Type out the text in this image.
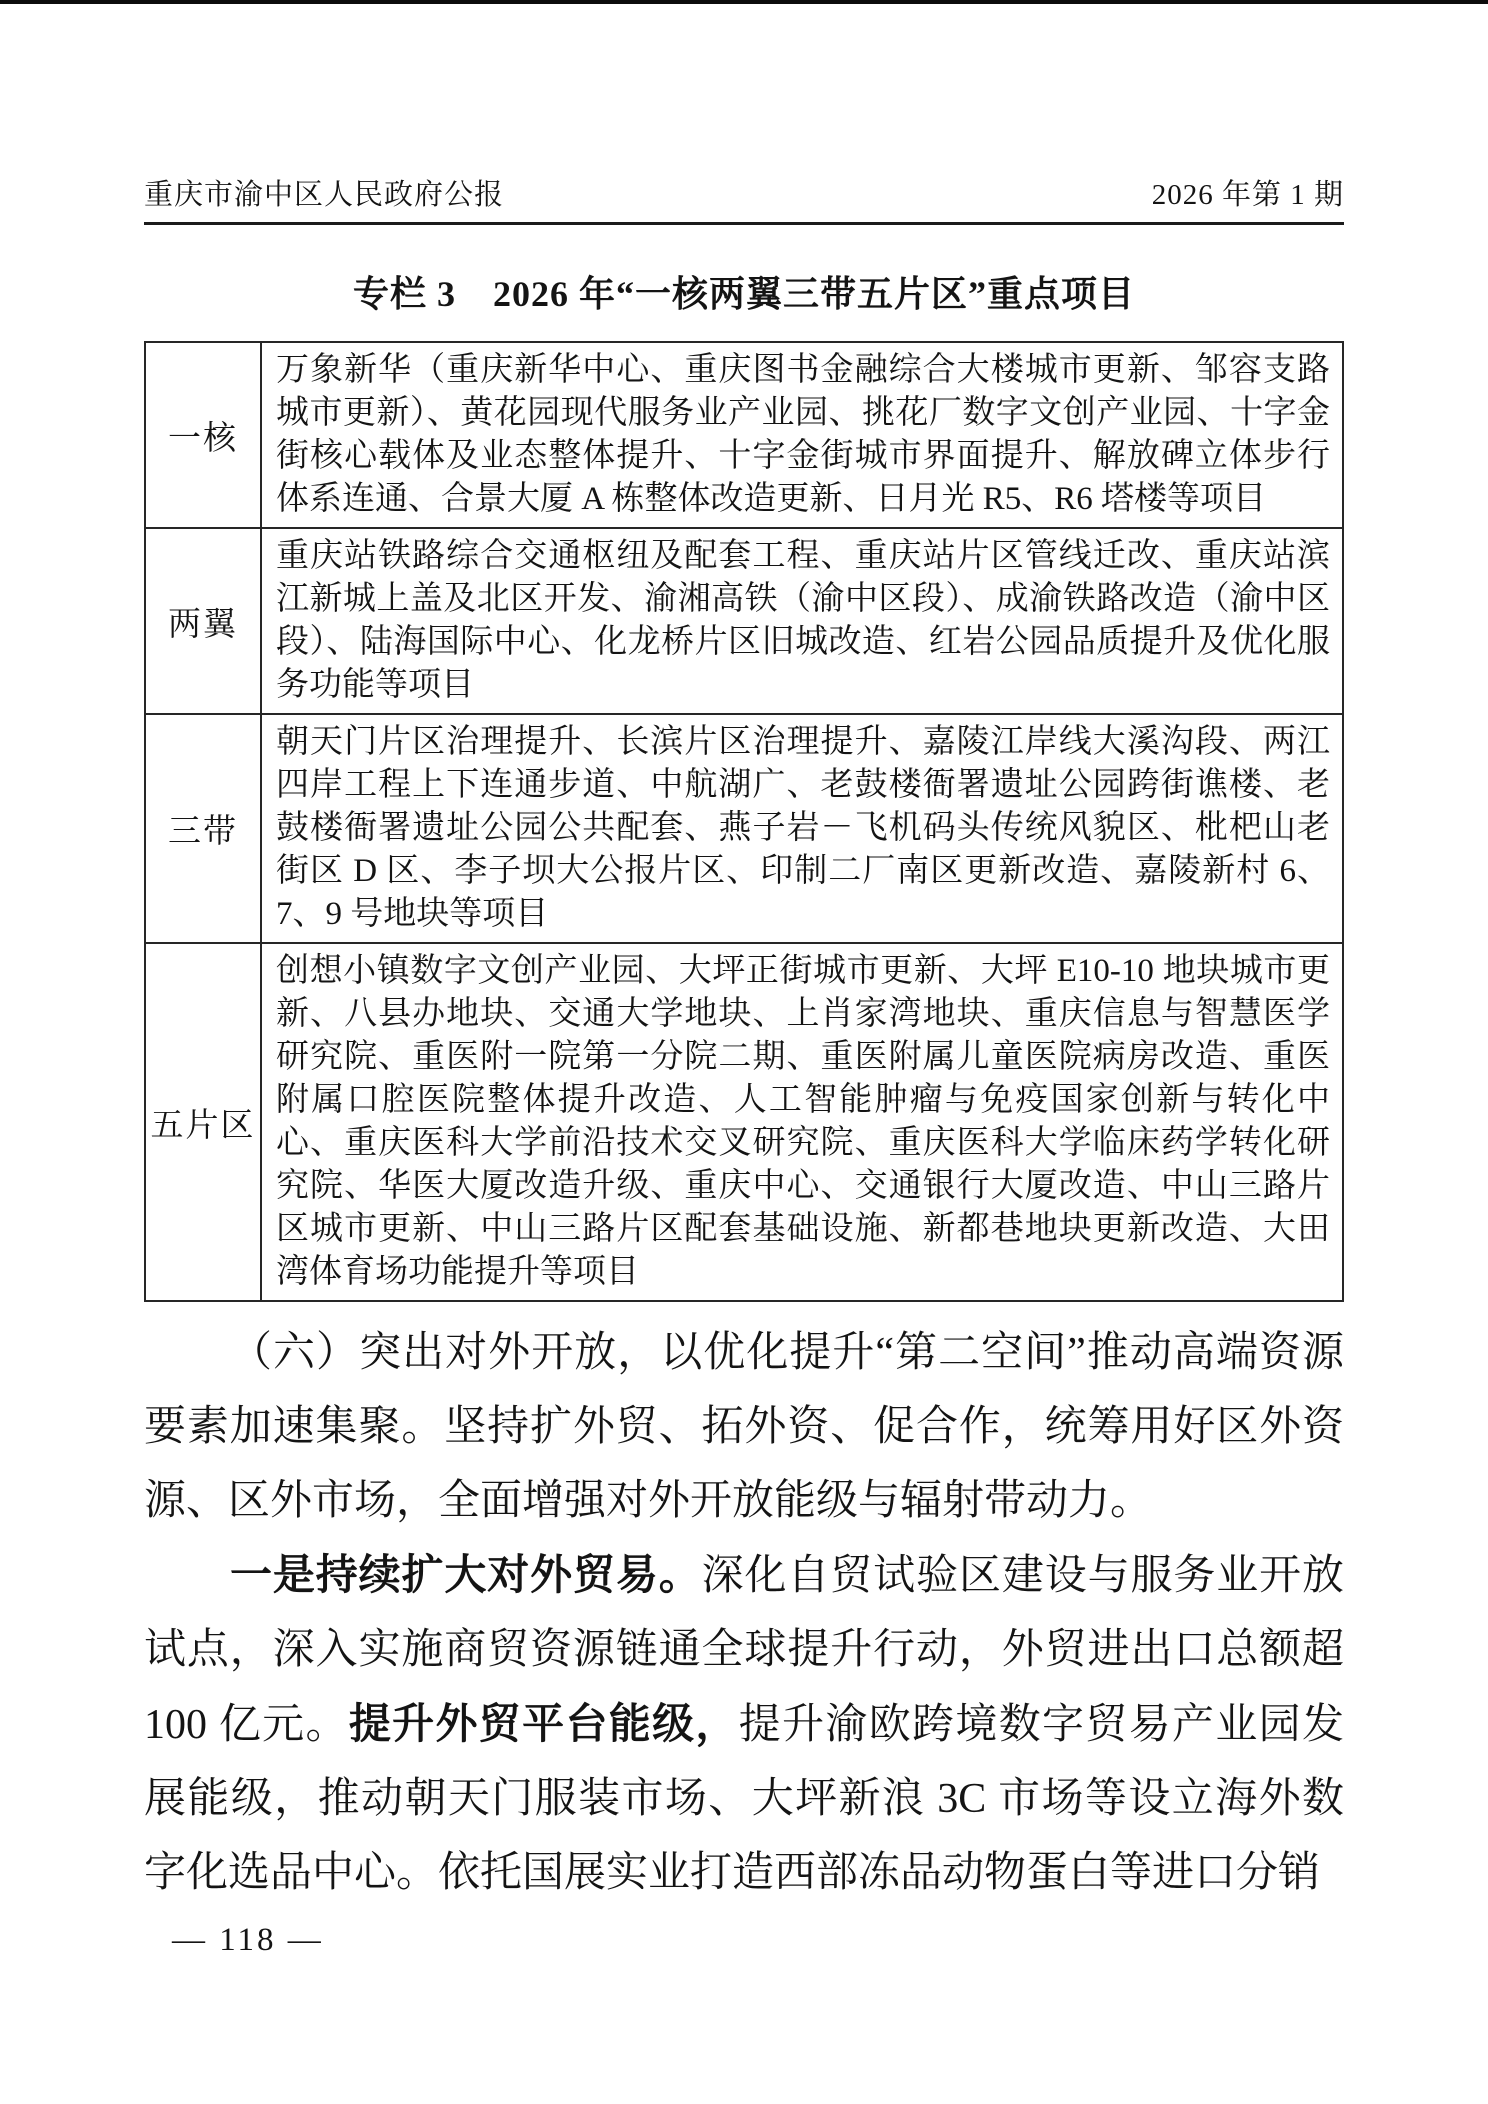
重庆市渝中区人民政府公报	2026 年第 1 期
专栏 3　2026 年“一核两翼三带五片区”重点项目
一核	万象新华（重庆新华中心、重庆图书金融综合大楼城市更新、邹容支路城市更新）、黄花园现代服务业产业园、挑花厂数字文创产业园、十字金街核心载体及业态整体提升、十字金街城市界面提升、解放碑立体步行体系连通、合景大厦 A 栋整体改造更新、日月光 R5、R6 塔楼等项目
两翼	重庆站铁路综合交通枢纽及配套工程、重庆站片区管线迁改、重庆站滨江新城上盖及北区开发、渝湘高铁（渝中区段）、成渝铁路改造（渝中区段）、陆海国际中心、化龙桥片区旧城改造、红岩公园品质提升及优化服务功能等项目
三带	朝天门片区治理提升、长滨片区治理提升、嘉陵江岸线大溪沟段、两江四岸工程上下连通步道、中航湖广、老鼓楼衙署遗址公园跨街谯楼、老鼓楼衙署遗址公园公共配套、燕子岩－飞机码头传统风貌区、枇杷山老街区 D 区、李子坝大公报片区、印制二厂南区更新改造、嘉陵新村 6、7、9 号地块等项目
五片区	创想小镇数字文创产业园、大坪正街城市更新、大坪 E10-10 地块城市更新、八县办地块、交通大学地块、上肖家湾地块、重庆信息与智慧医学研究院、重医附一院第一分院二期、重医附属儿童医院病房改造、重医附属口腔医院整体提升改造、人工智能肿瘤与免疫国家创新与转化中心、重庆医科大学前沿技术交叉研究院、重庆医科大学临床药学转化研究院、华医大厦改造升级、重庆中心、交通银行大厦改造、中山三路片区城市更新、中山三路片区配套基础设施、新都巷地块更新改造、大田湾体育场功能提升等项目

（六）突出对外开放，以优化提升“第二空间”推动高端资源要素加速集聚。坚持扩外贸、拓外资、促合作，统筹用好区外资源、区外市场，全面增强对外开放能级与辐射带动力。

一是持续扩大对外贸易。深化自贸试验区建设与服务业开放试点，深入实施商贸资源链通全球提升行动，外贸进出口总额超 100 亿元。提升外贸平台能级，提升渝欧跨境数字贸易产业园发展能级，推动朝天门服装市场、大坪新浪 3C 市场等设立海外数字化选品中心。依托国展实业打造西部冻品动物蛋白等进口分销

— 118 —
